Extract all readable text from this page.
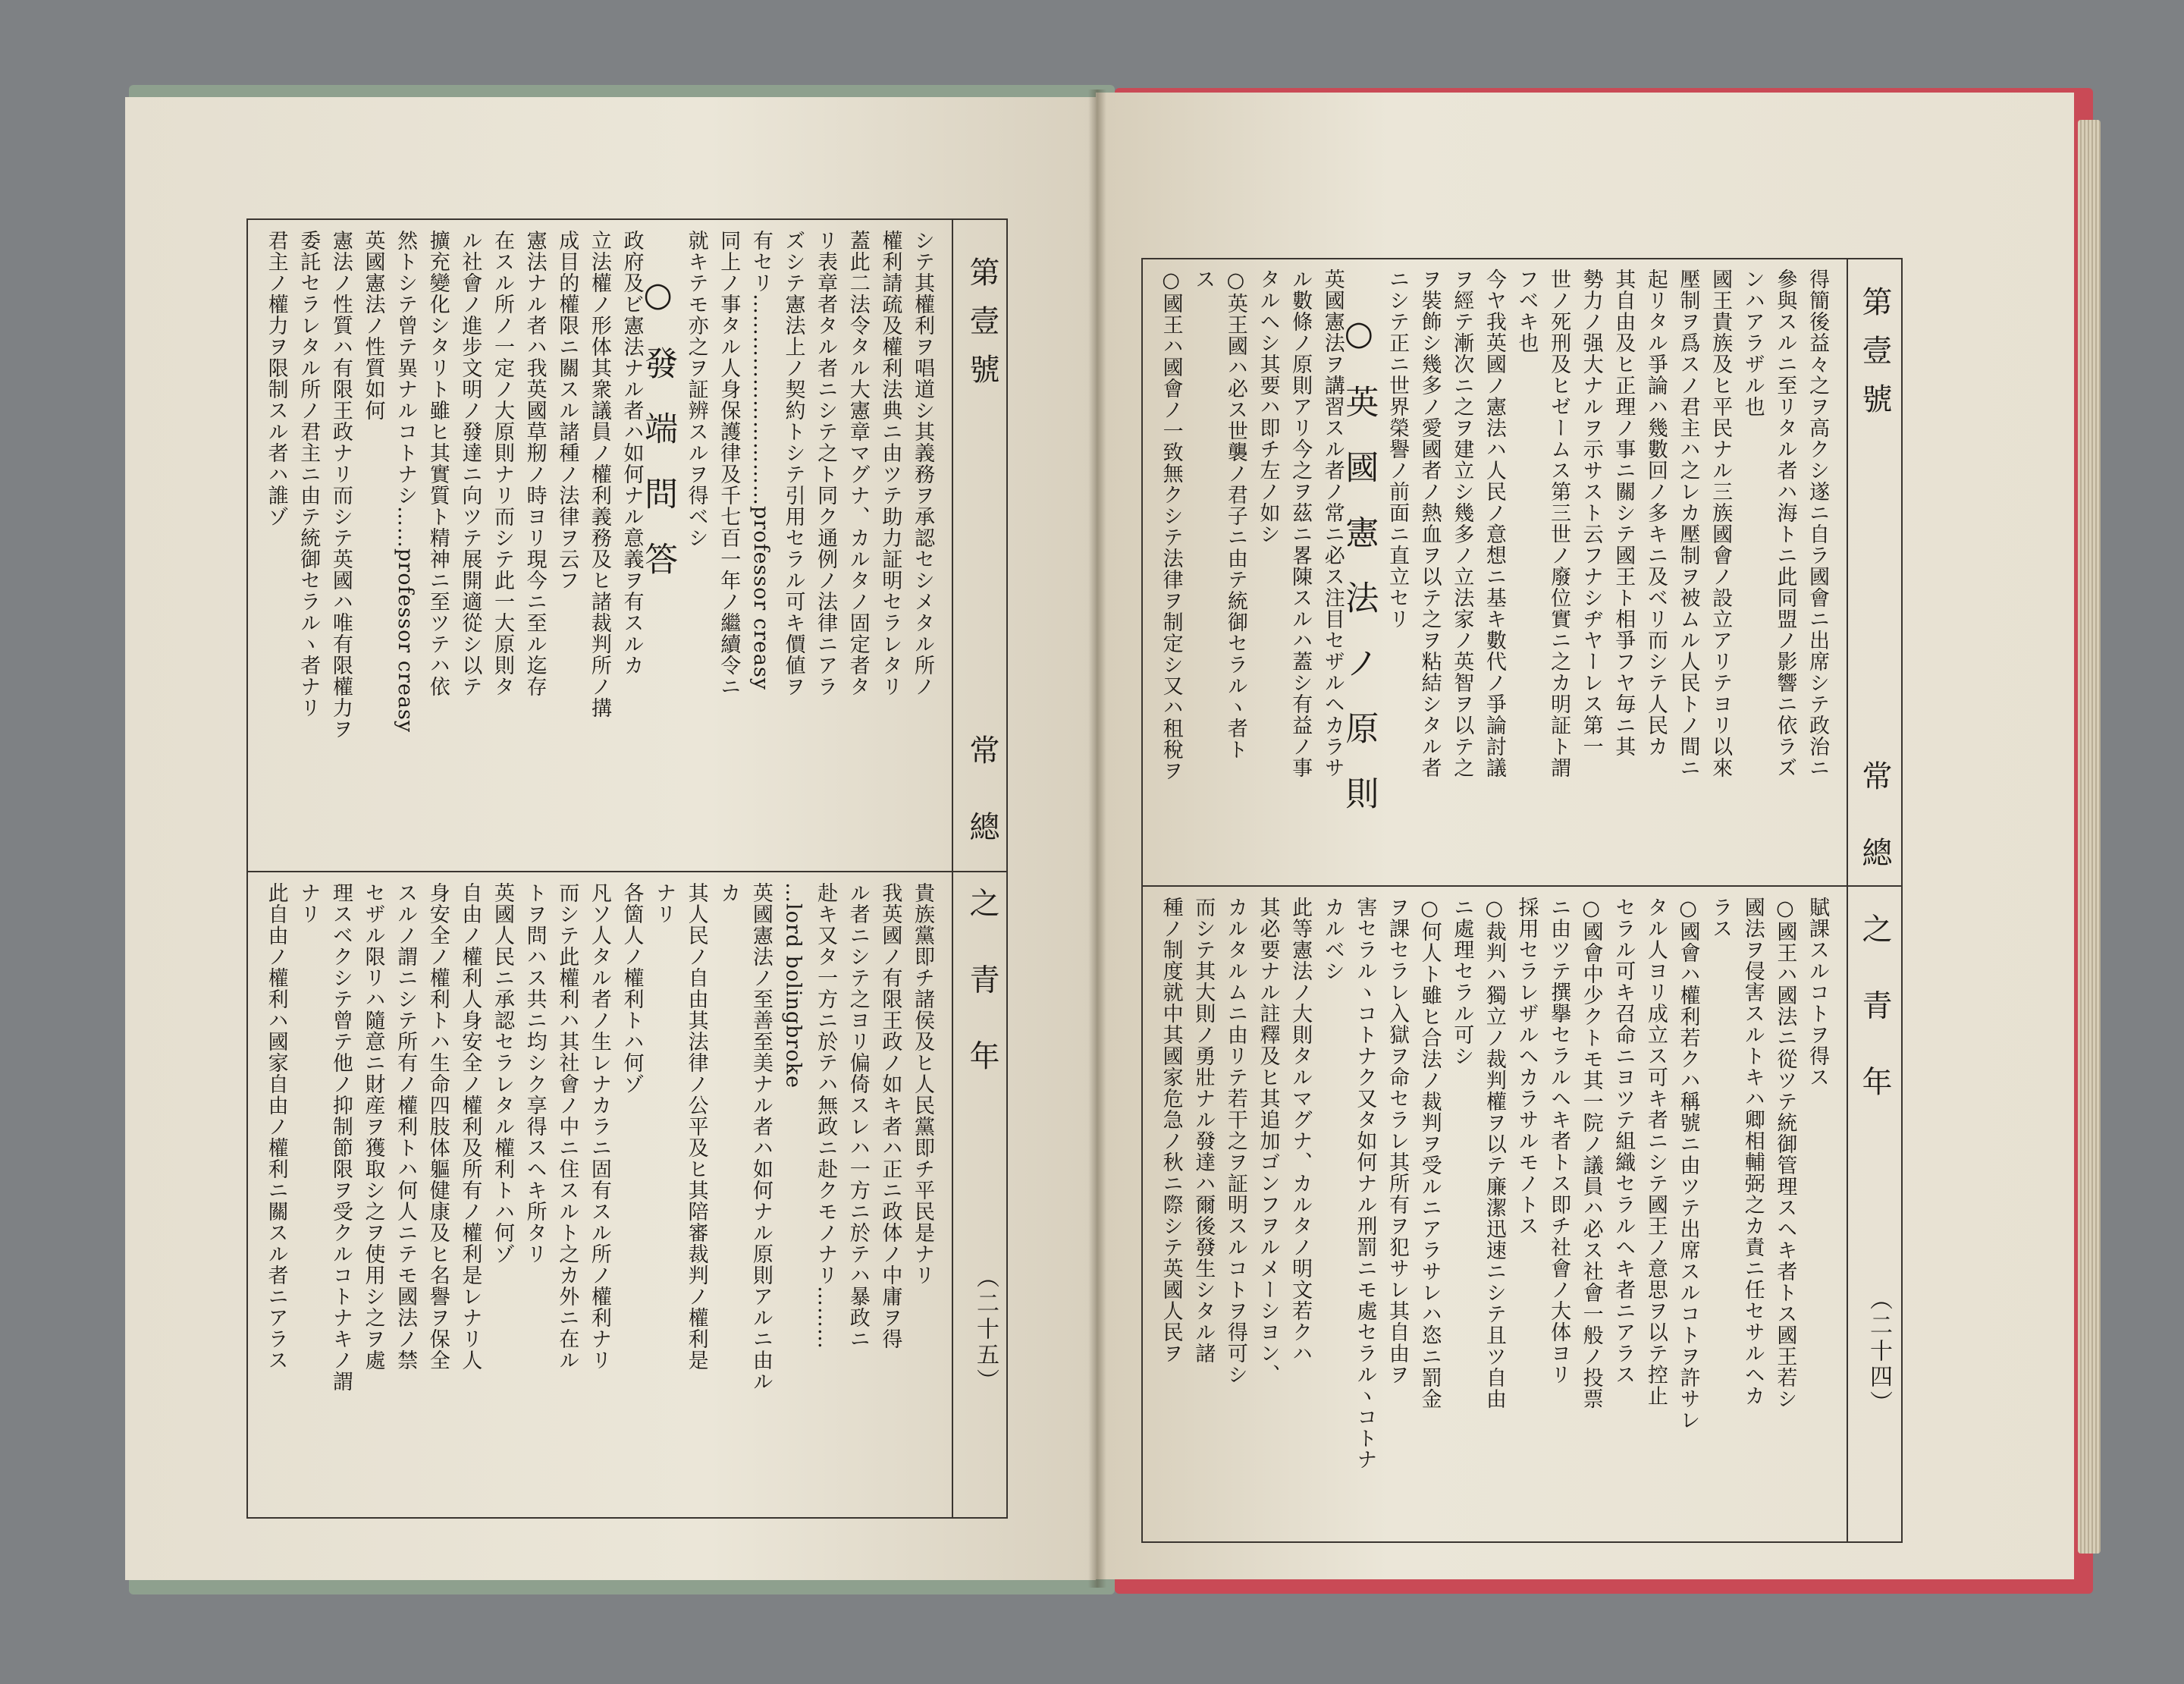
第壹號
常 總 之 青 年
（二十五）
シテ其權利ヲ唱道シ其義務ヲ承認セシメタル所ノ
權利請疏及權利法典ニ由ツテ助力証明セラレタリ
蓋此二法令タル大憲章マグナ、カルタノ固定者タ
リ表章者タル者ニシテ之ト同ク通例ノ法律ニアラ
ズシテ憲法上ノ契約トシテ引用セラル可キ價値ヲ
有セリ…………………………professor creasy
同上ノ事タル人身保護律及千七百一年ノ繼續令ニ
就キテモ亦之ヲ証辨スルヲ得ベシ
○ 發 端 問 答
政府及ビ憲法ナル者ハ如何ナル意義ヲ有スルカ
立法權ノ形体其衆議員ノ權利義務及ヒ諸裁判所ノ搆
成目的權限ニ關スル諸種ノ法律ヲ云フ
憲法ナル者ハ我英國草剏ノ時ヨリ現今ニ至ル迄存
在スル所ノ一定ノ大原則ナリ而シテ此一大原則タ
ル社會ノ進步文明ノ發達ニ向ツテ展開適從シ以テ
擴充變化シタリト雖ヒ其實質ト精神ニ至ツテハ依
然トシテ曾テ異ナルコトナシ……professor creasy
英國憲法ノ性質如何
憲法ノ性質ハ有限王政ナリ而シテ英國ハ唯有限權力ヲ
委託セラレタル所ノ君主ニ由テ統御セラルヽ者ナリ
君主ノ權力ヲ限制スル者ハ誰ゾ
貴族黨即チ諸侯及ヒ人民黨即チ平民是ナリ
我英國ノ有限王政ノ如キ者ハ正ニ政体ノ中庸ヲ得
ル者ニシテ之ヨリ偏倚スレハ一方ニ於テハ暴政ニ
赴キ又タ一方ニ於テハ無政ニ赴クモノナリ………
…lord bolingbroke
英國憲法ノ至善至美ナル者ハ如何ナル原則アルニ由ル
カ
其人民ノ自由其法律ノ公平及ヒ其陪審裁判ノ權利是
ナリ
各箇人ノ權利トハ何ゾ
凡ソ人タル者ノ生レナカラニ固有スル所ノ權利ナリ
而シテ此權利ハ其社會ノ中ニ住スルト之カ外ニ在ル
トヲ問ハス共ニ均シク享得スヘキ所タリ
英國人民ニ承認セラレタル權利トハ何ゾ
自由ノ權利人身安全ノ權利及所有ノ權利是レナリ人
身安全ノ權利トハ生命四肢体軀健康及ヒ名譽ヲ保全
スルノ謂ニシテ所有ノ權利トハ何人ニテモ國法ノ禁
セザル限リハ隨意ニ財産ヲ獲取シ之ヲ使用シ之ヲ處
理スベクシテ曾テ他ノ抑制節限ヲ受クルコトナキノ謂
ナリ
此自由ノ權利ハ國家自由ノ權利ニ關スル者ニアラス
第壹號
常 總 之 青 年
（二十四）
得簡後益々之ヲ高クシ遂ニ自ラ國會ニ出席シテ政治ニ
參與スルニ至リタル者ハ海トニ此同盟ノ影響ニ依ラズ
ンハアラザル也
國王貴族及ヒ平民ナル三族國會ノ設立アリテヨリ以來
壓制ヲ爲スノ君主ハ之レカ壓制ヲ被ムル人民トノ間ニ
起リタル爭論ハ幾數回ノ多キニ及ベリ而シテ人民カ
其自由及ヒ正理ノ事ニ關シテ國王ト相爭フヤ毎ニ其
勢力ノ强大ナルヲ示サスト云フナシヂヤーレス第一
世ノ死刑及ヒゼームス第三世ノ廢位實ニ之カ明証ト謂
フベキ也
今ヤ我英國ノ憲法ハ人民ノ意想ニ基キ數代ノ爭論討議
ヲ經テ漸次ニ之ヲ建立シ幾多ノ立法家ノ英智ヲ以テ之
ヲ裝飾シ幾多ノ愛國者ノ熱血ヲ以テ之ヲ粘結シタル者
ニシテ正ニ世界榮譽ノ前面ニ直立セリ
○ 英 國 憲 法 ノ 原 則
英國憲法ヲ講習スル者ノ常ニ必ス注目セザルヘカラサ
ル數條ノ原則アリ今之ヲ茲ニ畧陳スルハ蓋シ有益ノ事
タルヘシ其要ハ即チ左ノ如シ
○英王國ハ必ス世襲ノ君子ニ由テ統御セラルヽ者ト
ス
○國王ハ國會ノ一致無クシテ法律ヲ制定シ又ハ租稅ヲ
賦課スルコトヲ得ス
○國王ハ國法ニ從ツテ統御管理スヘキ者トス國王若シ
國法ヲ侵害スルトキハ卿相輔弼之カ責ニ任セサルヘカ
ラス
○國會ハ權利若クハ稱號ニ由ツテ出席スルコトヲ許サレ
タル人ヨリ成立ス可キ者ニシテ國王ノ意思ヲ以テ控止
セラル可キ召命ニヨツテ組織セラルヘキ者ニアラス
○國會中少クトモ其一院ノ議員ハ必ス社會一般ノ投票
ニ由ツテ撰擧セラルヘキ者トス即チ社會ノ大体ヨリ
採用セラレザルヘカラサルモノトス
○裁判ハ獨立ノ裁判權ヲ以テ廉潔迅速ニシテ且ツ自由
ニ處理セラル可シ
○何人ト雖ヒ合法ノ裁判ヲ受ルニアラサレハ恣ニ罰金
ヲ課セラレ入獄ヲ命セラレ其所有ヲ犯サレ其自由ヲ
害セラルヽコトナク又タ如何ナル刑罰ニモ處セラルヽコトナ
カルベシ
此等憲法ノ大則タルマグナ、カルタノ明文若クハ
其必要ナル註釋及ヒ其追加ゴンフヲルメーシヨン、
カルタルムニ由リテ若干之ヲ証明スルコトヲ得可シ
而シテ其大則ノ勇壯ナル發達ハ爾後發生シタル諸
種ノ制度就中其國家危急ノ秋ニ際シテ英國人民ヲ
